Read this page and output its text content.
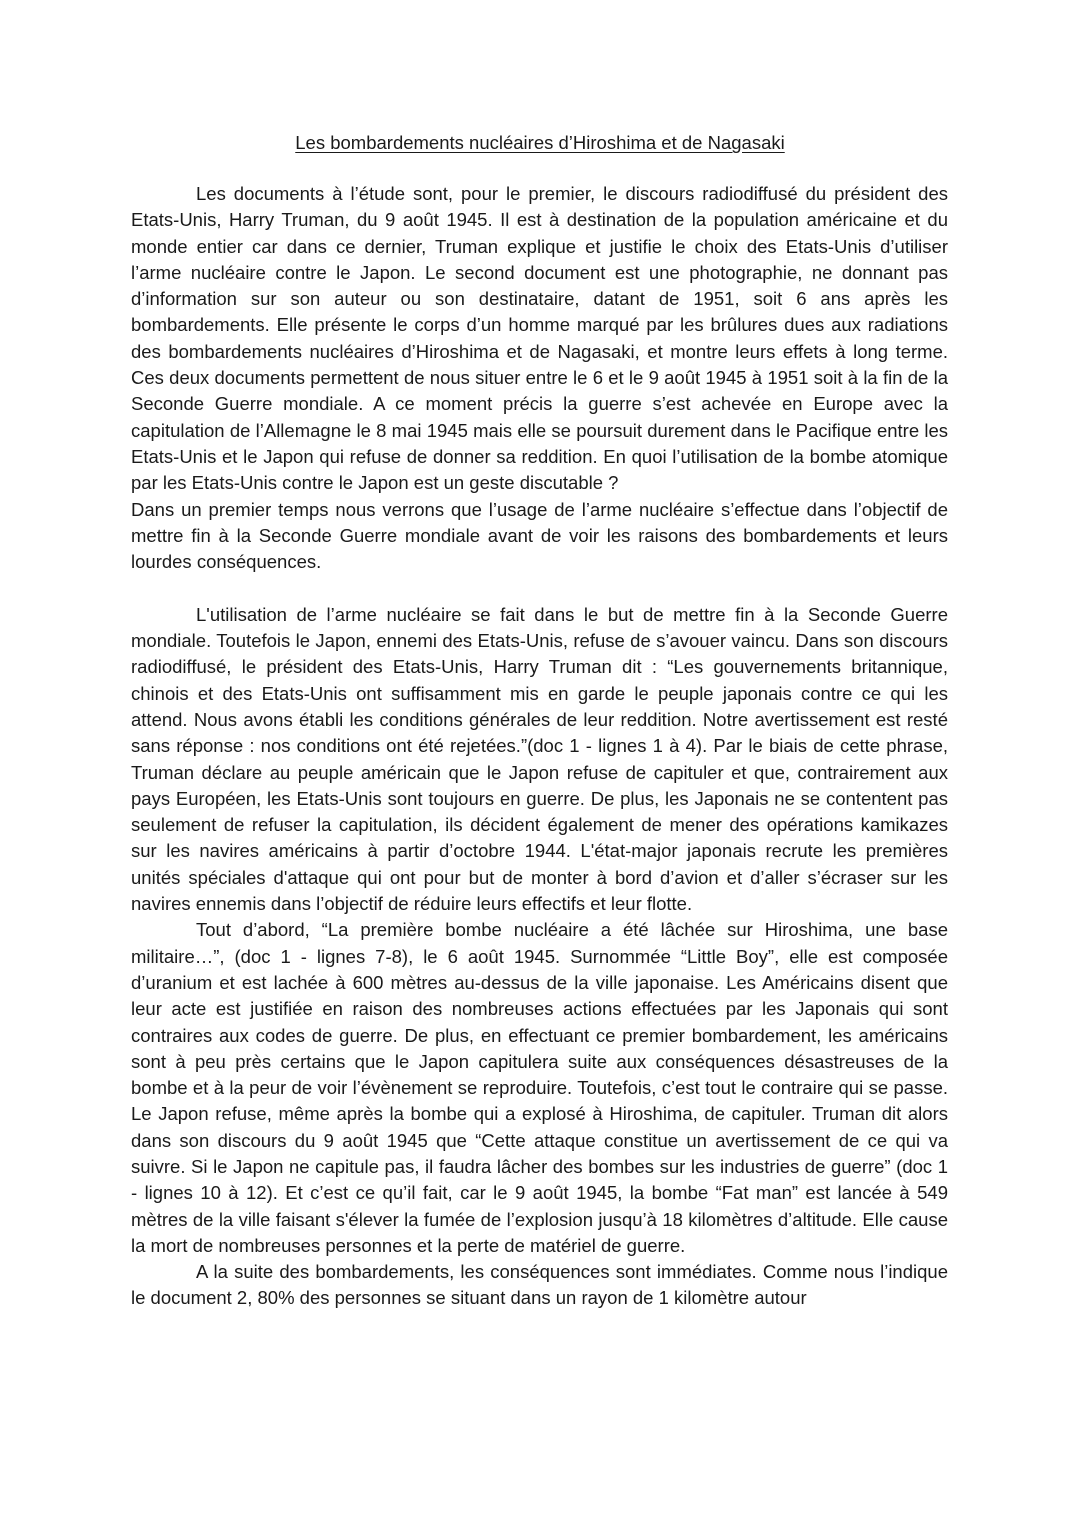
Les bombardements nucléaires d’Hiroshima et de Nagasaki

Les documents à l’étude sont, pour le premier, le discours radiodiffusé du président des Etats-Unis, Harry Truman, du 9 août 1945. Il est à destination de la population américaine et du monde entier car dans ce dernier, Truman explique et justifie le choix des Etats-Unis d’utiliser l’arme nucléaire contre le Japon. Le second document est une photographie, ne donnant pas d’information sur son auteur ou son destinataire, datant de 1951, soit 6 ans après les bombardements. Elle présente le corps d’un homme marqué par les brûlures dues aux radiations des bombardements nucléaires d’Hiroshima et de Nagasaki, et montre leurs effets à long terme. Ces deux documents permettent de nous situer entre le 6 et le 9 août 1945 à 1951 soit à la fin de la Seconde Guerre mondiale. A ce moment précis la guerre s’est achevée en Europe avec la capitulation de l’Allemagne le 8 mai 1945 mais elle se poursuit durement dans le Pacifique entre les Etats-Unis et le Japon qui refuse de donner sa reddition. En quoi l’utilisation de la bombe atomique par les Etats-Unis contre le Japon est un geste discutable ?

Dans un premier temps nous verrons que l’usage de l’arme nucléaire s’effectue dans l’objectif de mettre fin à la Seconde Guerre mondiale avant de voir les raisons des bombardements et leurs lourdes conséquences.

L'utilisation de l’arme nucléaire se fait dans le but de mettre fin à la Seconde Guerre mondiale. Toutefois le Japon, ennemi des Etats-Unis, refuse de s’avouer vaincu. Dans son discours radiodiffusé, le président des Etats-Unis, Harry Truman dit : “Les gouvernements britannique, chinois et des Etats-Unis ont suffisamment mis en garde le peuple japonais contre ce qui les attend. Nous avons établi les conditions générales de leur reddition. Notre avertissement est resté sans réponse : nos conditions ont été rejetées.”(doc 1 - lignes 1 à 4). Par le biais de cette phrase, Truman déclare au peuple américain que le Japon refuse de capituler et que, contrairement aux pays Européen, les Etats-Unis sont toujours en guerre. De plus, les Japonais ne se contentent pas seulement de refuser la capitulation, ils décident également de mener des opérations kamikazes sur les navires américains à partir d’octobre 1944. L'état-major japonais recrute les premières unités spéciales d'attaque qui ont pour but de monter à bord d’avion et d’aller s’écraser sur les navires ennemis dans l’objectif de réduire leurs effectifs et leur flotte.

Tout d’abord, “La première bombe nucléaire a été lâchée sur Hiroshima, une base militaire…”, (doc 1 - lignes 7-8), le 6 août 1945. Surnommée “Little Boy”, elle est composée d’uranium et est lachée à 600 mètres au-dessus de la ville japonaise. Les Américains disent que leur acte est justifiée en raison des nombreuses actions effectuées par les Japonais qui sont contraires aux codes de guerre. De plus, en effectuant ce premier bombardement, les américains sont à peu près certains que le Japon capitulera suite aux conséquences désastreuses de la bombe et à la peur de voir l’évènement se reproduire. Toutefois, c’est tout le contraire qui se passe. Le Japon refuse, même après la bombe qui a explosé à Hiroshima, de capituler. Truman dit alors dans son discours du 9 août 1945 que “Cette attaque constitue un avertissement de ce qui va suivre. Si le Japon ne capitule pas, il faudra lâcher des bombes sur les industries de guerre” (doc 1 - lignes 10 à 12). Et c’est ce qu’il fait, car le 9 août 1945, la bombe “Fat man” est lancée à 549 mètres de la ville faisant s'élever la fumée de l’explosion jusqu’à 18 kilomètres d’altitude. Elle cause la mort de nombreuses personnes et la perte de matériel de guerre.

A la suite des bombardements, les conséquences sont immédiates. Comme nous l’indique le document 2, 80% des personnes se situant dans un rayon de 1 kilomètre autour
